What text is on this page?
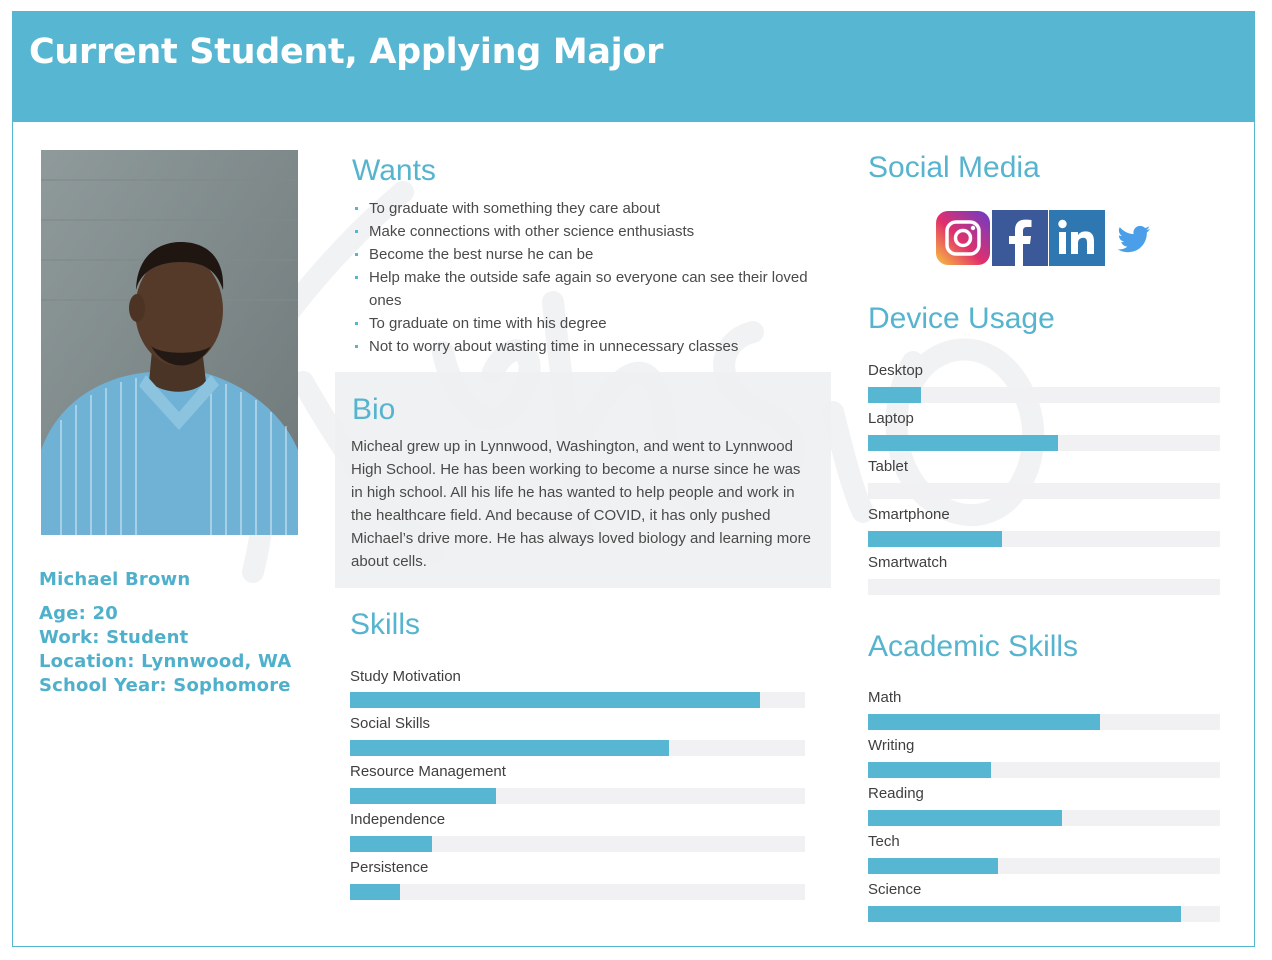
Current Student, Applying Major
Michael Brown
Age: 20
Work: Student
Location: Lynnwood, WA
School Year: Sophomore
Wants
To graduate with something they care about
Make connections with other science enthusiasts
Become the best nurse he can be
Help make the outside safe again so everyone can see their loved ones
To graduate on time with his degree
Not to worry about wasting time in unnecessary classes
Bio

Micheal grew up in Lynnwood, Washington, and went to Lynnwood High School. He has been working to become a nurse since he was in high school. All his life he has wanted to help people and work in the healthcare field. And because of COVID, it has only pushed Michael’s drive more. He has always loved biology and learning more about cells.

Skills
Study Motivation
Social Skills
Resource Management
Independence
Persistence
Social Media
Device Usage
Desktop
Laptop
Tablet
Smartphone
Smartwatch
Academic Skills
Math
Writing
Reading
Tech
Science
